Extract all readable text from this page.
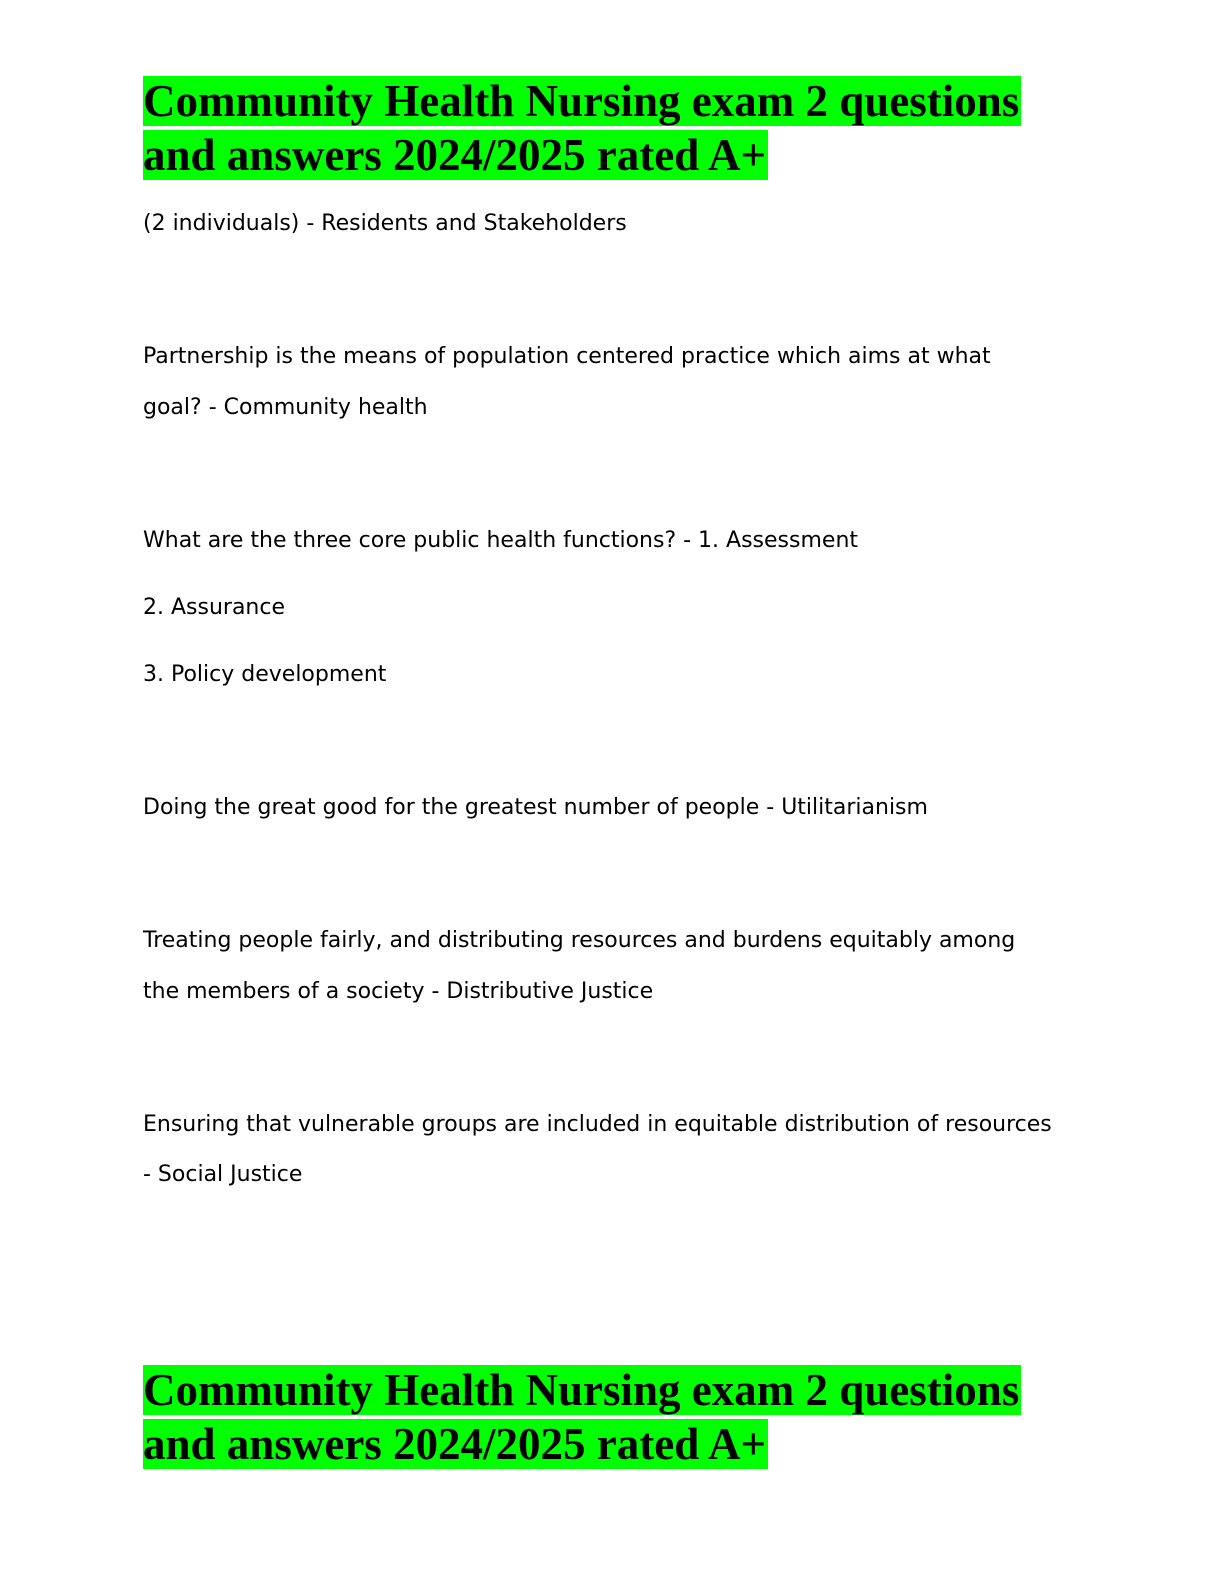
Community Health Nursing exam 2 questions and answers 2024/2025 rated A+

(2 individuals) - Residents and Stakeholders

Partnership is the means of population centered practice which aims at what

goal? - Community health

What are the three core public health functions? - 1. Assessment

2. Assurance

3. Policy development

Doing the great good for the greatest number of people - Utilitarianism

Treating people fairly, and distributing resources and burdens equitably among

the members of a society - Distributive Justice

Ensuring that vulnerable groups are included in equitable distribution of resources

- Social Justice

Community Health Nursing exam 2 questions and answers 2024/2025 rated A+
